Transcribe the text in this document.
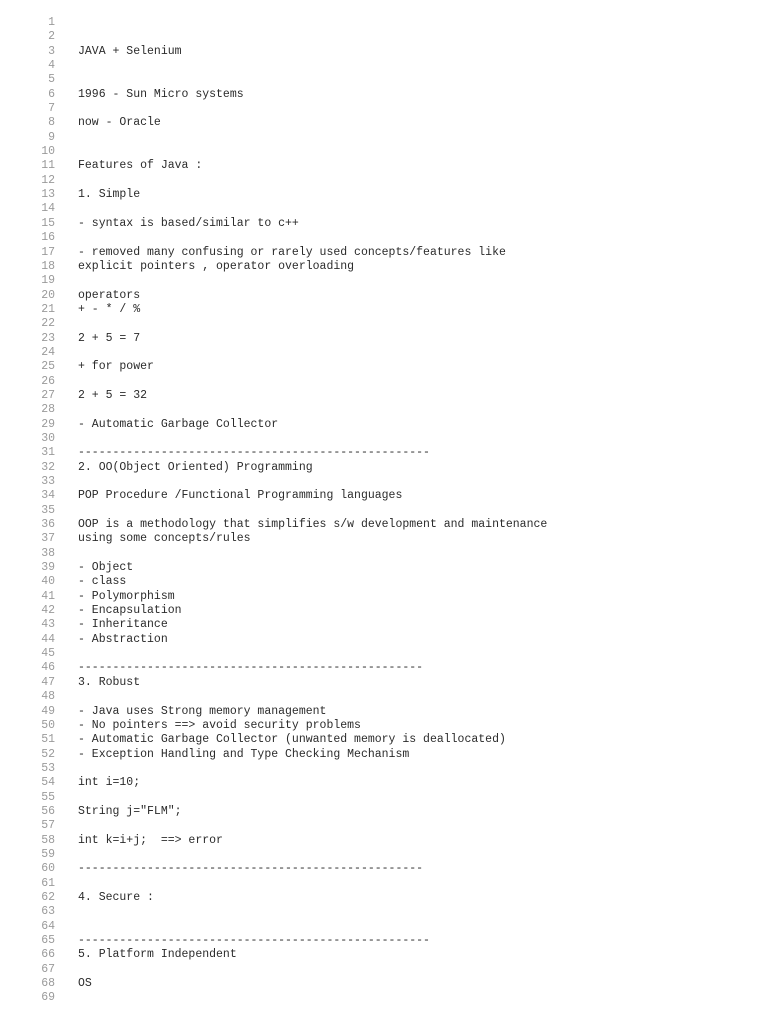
1
2
3	JAVA + Selenium
4
5
6	1996 - Sun Micro systems
7
8	now - Oracle
9
10
11	Features of Java :
12
13	1. Simple
14
15	- syntax is based/similar to c++
16
17	- removed many confusing or rarely used concepts/features like
18	explicit pointers , operator overloading
19
20	operators
21	+ - * / %
22
23	2 + 5 = 7
24
25	+ for power
26
27	2 + 5 = 32
28
29	- Automatic Garbage Collector
30
31	---------------------------------------------------
32	2. OO(Object Oriented) Programming
33
34	POP Procedure /Functional Programming languages
35
36	OOP is a methodology that simplifies s/w development and maintenance
37	using some concepts/rules
38
39	- Object
40	- class
41	- Polymorphism
42	- Encapsulation
43	- Inheritance
44	- Abstraction
45
46	--------------------------------------------------
47	3. Robust
48
49	- Java uses Strong memory management
50	- No pointers ==> avoid security problems
51	- Automatic Garbage Collector (unwanted memory is deallocated)
52	- Exception Handling and Type Checking Mechanism
53
54	int i=10;
55
56	String j="FLM";
57
58	int k=i+j;  ==> error
59
60	--------------------------------------------------
61
62	4. Secure :
63
64
65	---------------------------------------------------
66	5. Platform Independent
67
68	OS
69
